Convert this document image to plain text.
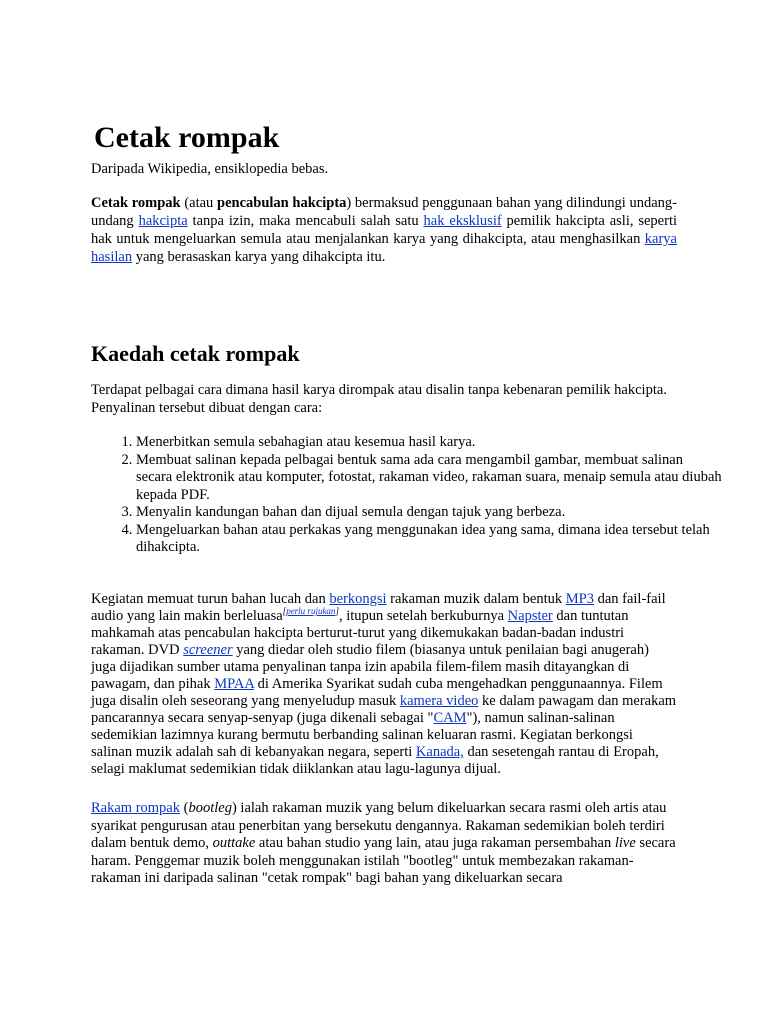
Cetak rompak

Daripada Wikipedia, ensiklopedia bebas.

Cetak rompak (atau pencabulan hakcipta) bermaksud penggunaan bahan yang dilindungi undang-undang hakcipta tanpa izin, maka mencabuli salah satu hak eksklusif pemilik hakcipta asli, seperti hak untuk mengeluarkan semula atau menjalankan karya yang dihakcipta, atau menghasilkan karya hasilan yang berasaskan karya yang dihakcipta itu.

Kaedah cetak rompak

Terdapat pelbagai cara dimana hasil karya dirompak atau disalin tanpa kebenaran pemilik hakcipta. Penyalinan tersebut dibuat dengan cara:

1. Menerbitkan semula sebahagian atau kesemua hasil karya.
2. Membuat salinan kepada pelbagai bentuk sama ada cara mengambil gambar, membuat salinan secara elektronik atau komputer, fotostat, rakaman video, rakaman suara, menaip semula atau diubah kepada PDF.
3. Menyalin kandungan bahan dan dijual semula dengan tajuk yang berbeza.
4. Mengeluarkan bahan atau perkakas yang menggunakan idea yang sama, dimana idea tersebut telah dihakcipta.

Kegiatan memuat turun bahan lucah dan berkongsi rakaman muzik dalam bentuk MP3 dan fail-fail audio yang lain makin berleluasa[perlu rujukan], itupun setelah berkuburnya Napster dan tuntutan mahkamah atas pencabulan hakcipta berturut-turut yang dikemukakan badan-badan industri rakaman. DVD screener yang diedar oleh studio filem (biasanya untuk penilaian bagi anugerah) juga dijadikan sumber utama penyalinan tanpa izin apabila filem-filem masih ditayangkan di pawagam, dan pihak MPAA di Amerika Syarikat sudah cuba mengehadkan penggunaannya. Filem juga disalin oleh seseorang yang menyeludup masuk kamera video ke dalam pawagam dan merakam pancarannya secara senyap-senyap (juga dikenali sebagai "CAM"), namun salinan-salinan sedemikian lazimnya kurang bermutu berbanding salinan keluaran rasmi. Kegiatan berkongsi salinan muzik adalah sah di kebanyakan negara, seperti Kanada, dan sesetengah rantau di Eropah, selagi maklumat sedemikian tidak diiklankan atau lagu-lagunya dijual.

Rakam rompak (bootleg) ialah rakaman muzik yang belum dikeluarkan secara rasmi oleh artis atau syarikat pengurusan atau penerbitan yang bersekutu dengannya. Rakaman sedemikian boleh terdiri dalam bentuk demo, outtake atau bahan studio yang lain, atau juga rakaman persembahan live secara haram. Penggemar muzik boleh menggunakan istilah "bootleg" untuk membezakan rakaman-rakaman ini daripada salinan "cetak rompak" bagi bahan yang dikeluarkan secara
